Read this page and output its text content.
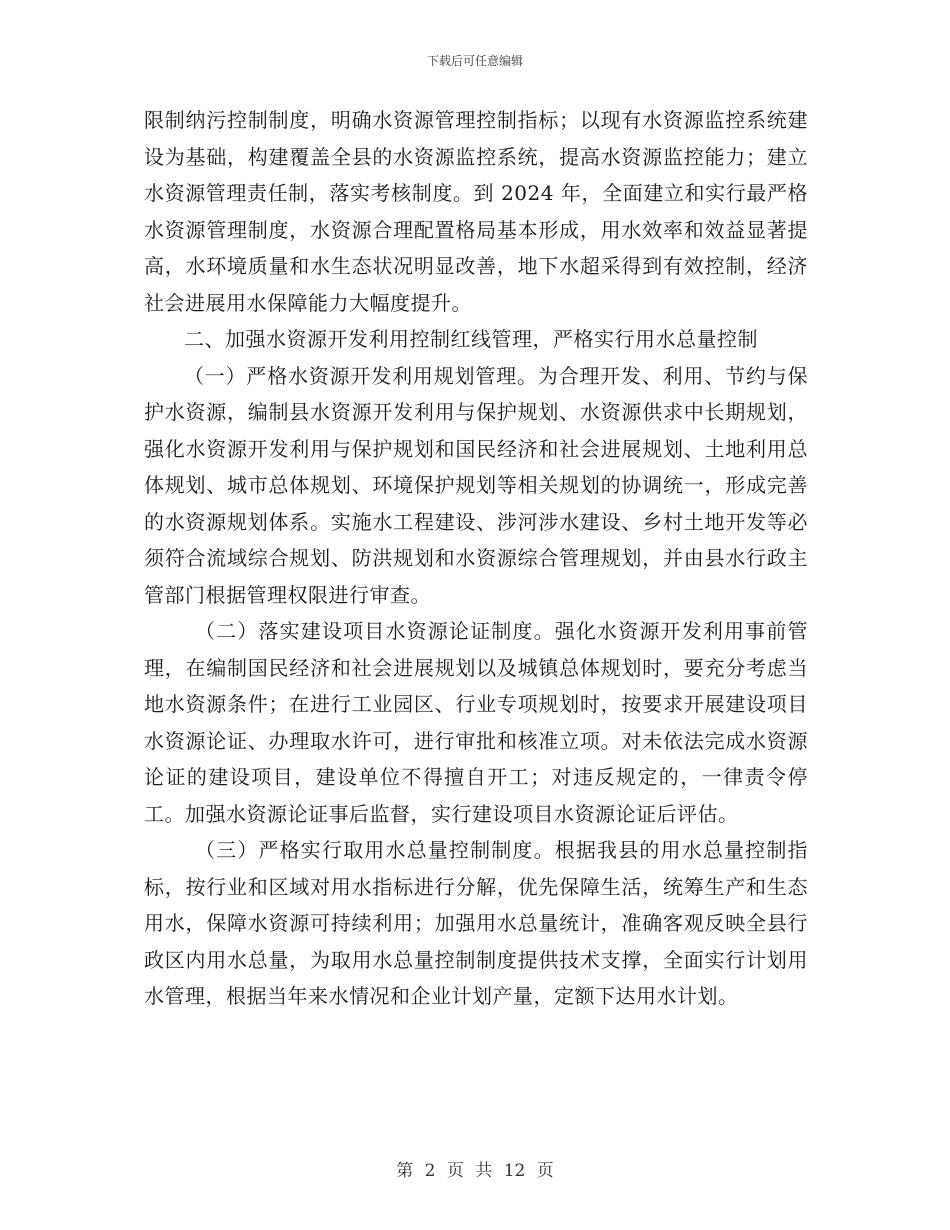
下载后可任意编辑

限制纳污控制制度，明确水资源管理控制指标；以现有水资源监控系统建设为基础，构建覆盖全县的水资源监控系统，提高水资源监控能力；建立水资源管理责任制，落实考核制度。到 2024 年，全面建立和实行最严格水资源管理制度，水资源合理配置格局基本形成，用水效率和效益显著提高，水环境质量和水生态状况明显改善，地下水超采得到有效控制，经济社会进展用水保障能力大幅度提升。

二、加强水资源开发利用控制红线管理，严格实行用水总量控制

（一）严格水资源开发利用规划管理。为合理开发、利用、节约与保护水资源，编制县水资源开发利用与保护规划、水资源供求中长期规划，强化水资源开发利用与保护规划和国民经济和社会进展规划、土地利用总体规划、城市总体规划、环境保护规划等相关规划的协调统一，形成完善的水资源规划体系。实施水工程建设、涉河涉水建设、乡村土地开发等必须符合流域综合规划、防洪规划和水资源综合管理规划，并由县水行政主管部门根据管理权限进行审查。

（二）落实建设项目水资源论证制度。强化水资源开发利用事前管理，在编制国民经济和社会进展规划以及城镇总体规划时，要充分考虑当地水资源条件；在进行工业园区、行业专项规划时，按要求开展建设项目水资源论证、办理取水许可，进行审批和核准立项。对未依法完成水资源论证的建设项目，建设单位不得擅自开工；对违反规定的，一律责令停工。加强水资源论证事后监督，实行建设项目水资源论证后评估。

（三）严格实行取用水总量控制制度。根据我县的用水总量控制指标，按行业和区域对用水指标进行分解，优先保障生活，统筹生产和生态用水，保障水资源可持续利用；加强用水总量统计，准确客观反映全县行政区内用水总量，为取用水总量控制制度提供技术支撑，全面实行计划用水管理，根据当年来水情况和企业计划产量，定额下达用水计划。

第 2 页 共 12 页
